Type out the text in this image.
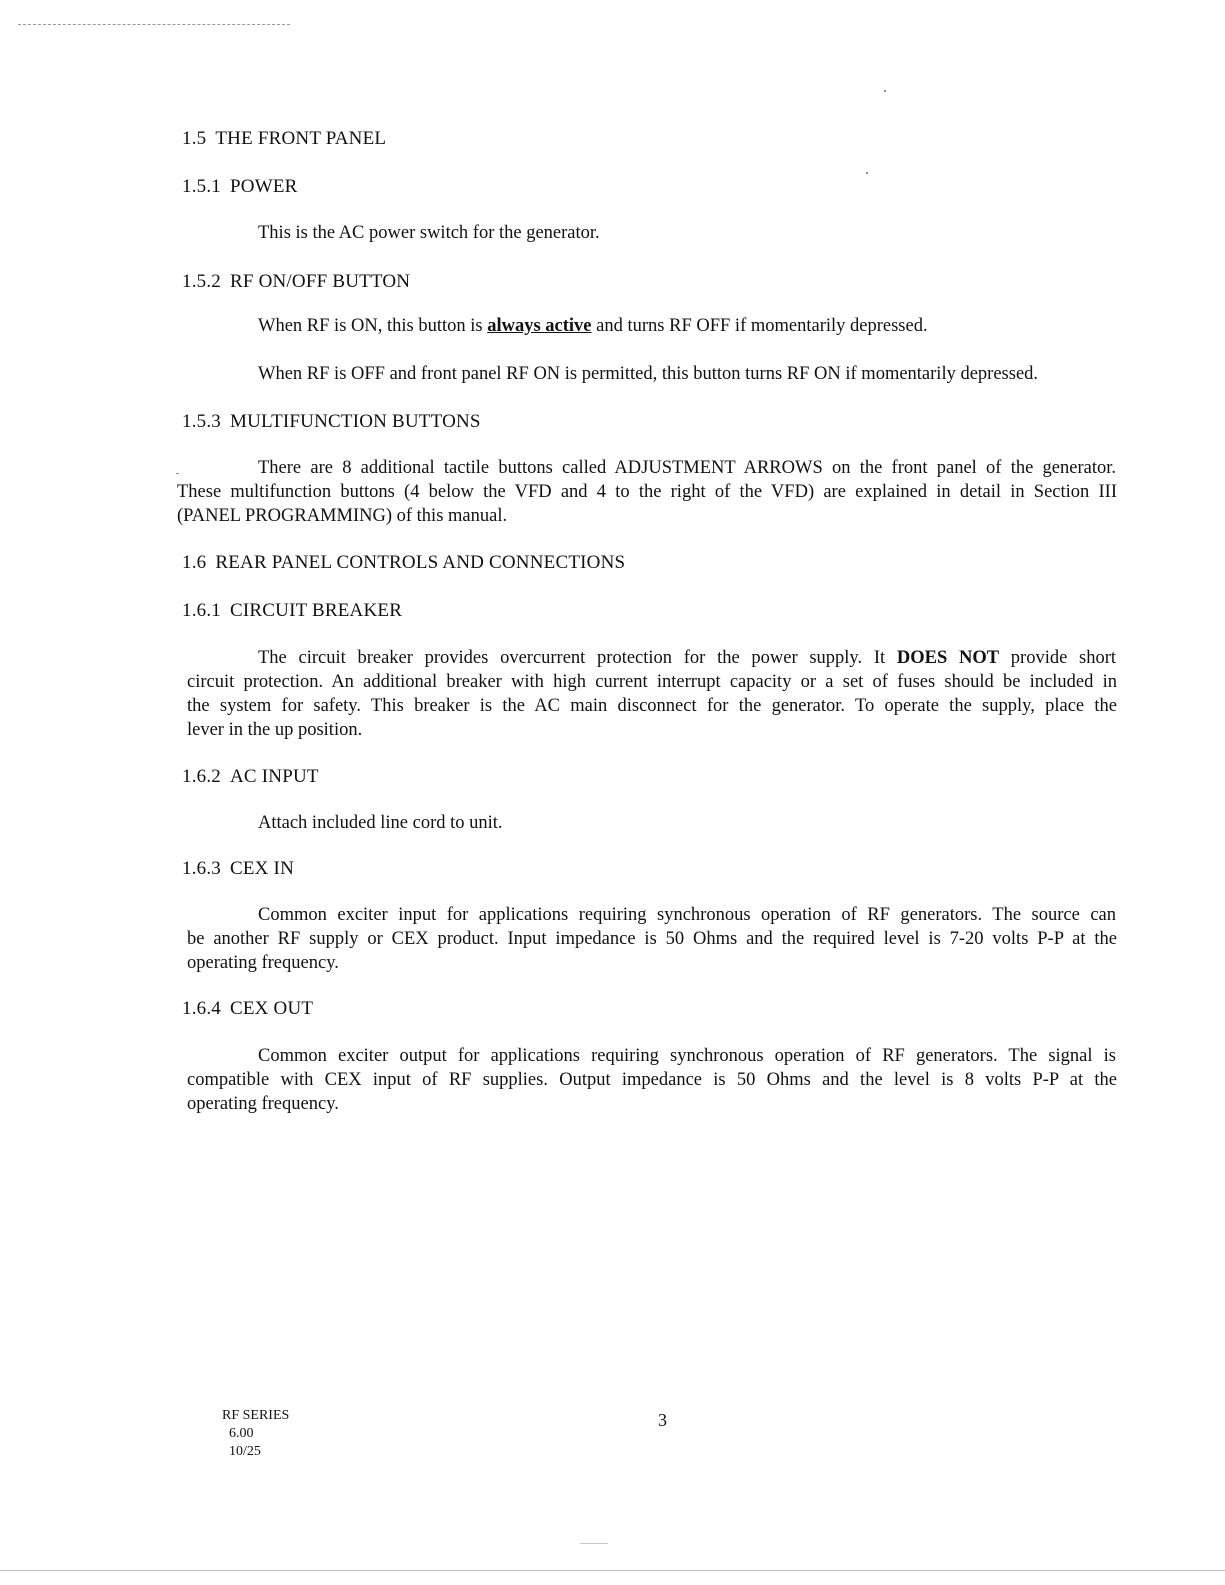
1.5 THE FRONT PANEL
1.5.1 POWER

This is the AC power switch for the generator.

1.5.2 RF ON/OFF BUTTON

When RF is ON, this button is always active and turns RF OFF if momentarily depressed.

When RF is OFF and front panel RF ON is permitted, this button turns RF ON if momentarily depressed.

1.5.3 MULTIFUNCTION BUTTONS

There are 8 additional tactile buttons called ADJUSTMENT ARROWS on the front panel of the generator.

These multifunction buttons (4 below the VFD and 4 to the right of the VFD) are explained in detail in Section III

(PANEL PROGRAMMING) of this manual.

1.6 REAR PANEL CONTROLS AND CONNECTIONS
1.6.1 CIRCUIT BREAKER

The circuit breaker provides overcurrent protection for the power supply. It DOES NOT provide short

circuit protection. An additional breaker with high current interrupt capacity or a set of fuses should be included in

the system for safety. This breaker is the AC main disconnect for the generator. To operate the supply, place the

lever in the up position.

1.6.2 AC INPUT

Attach included line cord to unit.

1.6.3 CEX IN

Common exciter input for applications requiring synchronous operation of RF generators. The source can

be another RF supply or CEX product. Input impedance is 50 Ohms and the required level is 7-20 volts P-P at the

operating frequency.

1.6.4 CEX OUT

Common exciter output for applications requiring synchronous operation of RF generators. The signal is

compatible with CEX input of RF supplies. Output impedance is 50 Ohms and the level is 8 volts P-P at the

operating frequency.

RF SERIES
6.00
10/25
3
